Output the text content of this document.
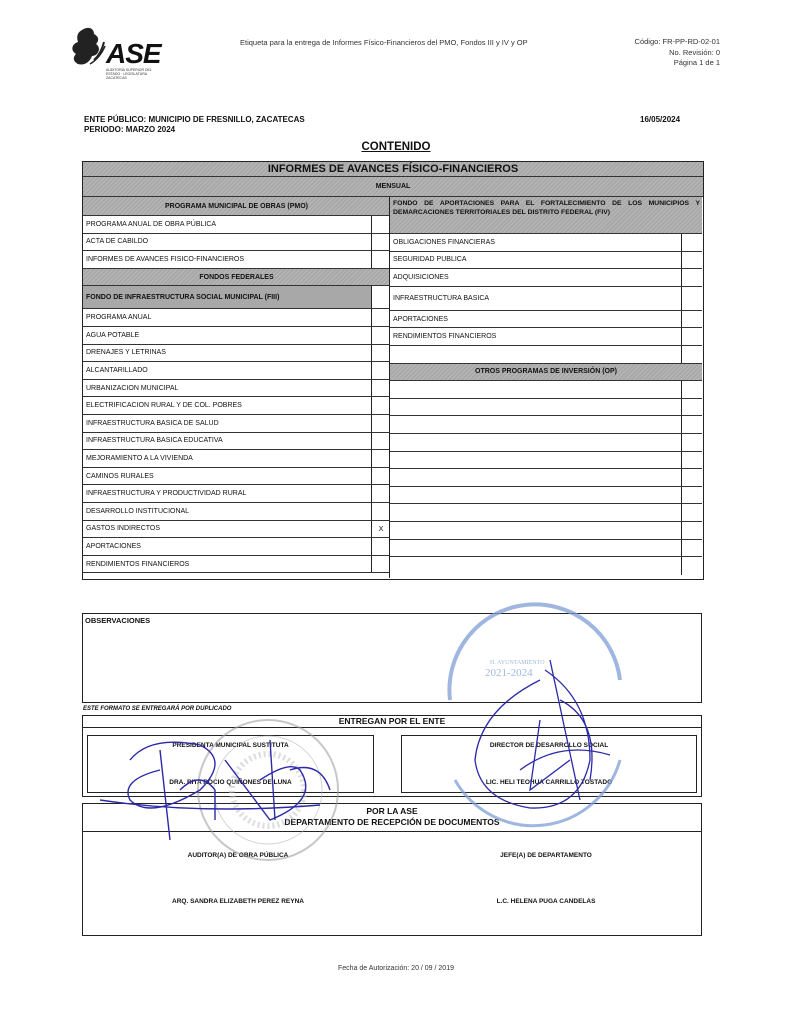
ASE
AUDITORÍA SUPERIOR DEL ESTADO · LEGISLATURA ZACATECAS
Etiqueta para la entrega de Informes Físico-Financieros del PMO, Fondos III y IV y OP	Código: FR-PP-RD-02-01
No. Revisión: 0
Página 1 de 1
ENTE PÚBLICO: MUNICIPIO DE FRESNILLO, ZACATECAS
PERIODO: MARZO 2024
16/05/2024
CONTENIDO
INFORMES DE AVANCES FÍSICO-FINANCIEROS
MENSUAL
PROGRAMA MUNICIPAL DE OBRAS (PMO)
PROGRAMA ANUAL DE OBRA PÚBLICA
ACTA DE CABILDO
INFORMES DE AVANCES FISICO-FINANCIEROS
FONDOS FEDERALES
FONDO DE INFRAESTRUCTURA SOCIAL MUNICIPAL (FIII)
PROGRAMA ANUAL
AGUA POTABLE
DRENAJES Y LETRINAS
ALCANTARILLADO
URBANIZACION MUNICIPAL
ELECTRIFICACION RURAL Y DE COL. POBRES
INFRAESTRUCTURA BASICA DE SALUD
INFRAESTRUCTURA BASICA EDUCATIVA
MEJORAMIENTO A LA VIVIENDA
CAMINOS RURALES
INFRAESTRUCTURA Y PRODUCTIVIDAD RURAL
DESARROLLO INSTITUCIONAL
GASTOS INDIRECTOS	X
APORTACIONES
RENDIMIENTOS FINANCIEROS
FONDO DE APORTACIONES PARA EL FORTALECIMIENTO DE LOS MUNICIPIOS Y DEMARCACIONES TERRITORIALES DEL DISTRITO FEDERAL (FIV)
OBLIGACIONES FINANCIERAS
SEGURIDAD PUBLICA
ADQUISICIONES
INFRAESTRUCTURA BASICA
APORTACIONES
RENDIMIENTOS FINANCIEROS
OTROS PROGRAMAS DE INVERSIÓN (OP)
OBSERVACIONES
ESTE FORMATO SE ENTREGARÁ POR DUPLICADO
ENTREGAN POR EL ENTE
PRESIDENTA MUNICIPAL SUSTITUTA
DRA. RITA ROCIO QUIÑONES DE LUNA
DIRECTOR DE DESARROLLO SOCIAL
LIC. HELI TEOHUA CARRILLO TOSTADO
POR LA ASE
DEPARTAMENTO DE RECEPCIÓN DE DOCUMENTOS
AUDITOR(A) DE OBRA PÚBLICA
ARQ. SANDRA ELIZABETH PEREZ REYNA
JEFE(A) DE DEPARTAMENTO
L.C. HELENA PUGA CANDELAS
Fecha de Autorización: 20 / 09 / 2019
H. AYUNTAMIENTO
2021-2024
